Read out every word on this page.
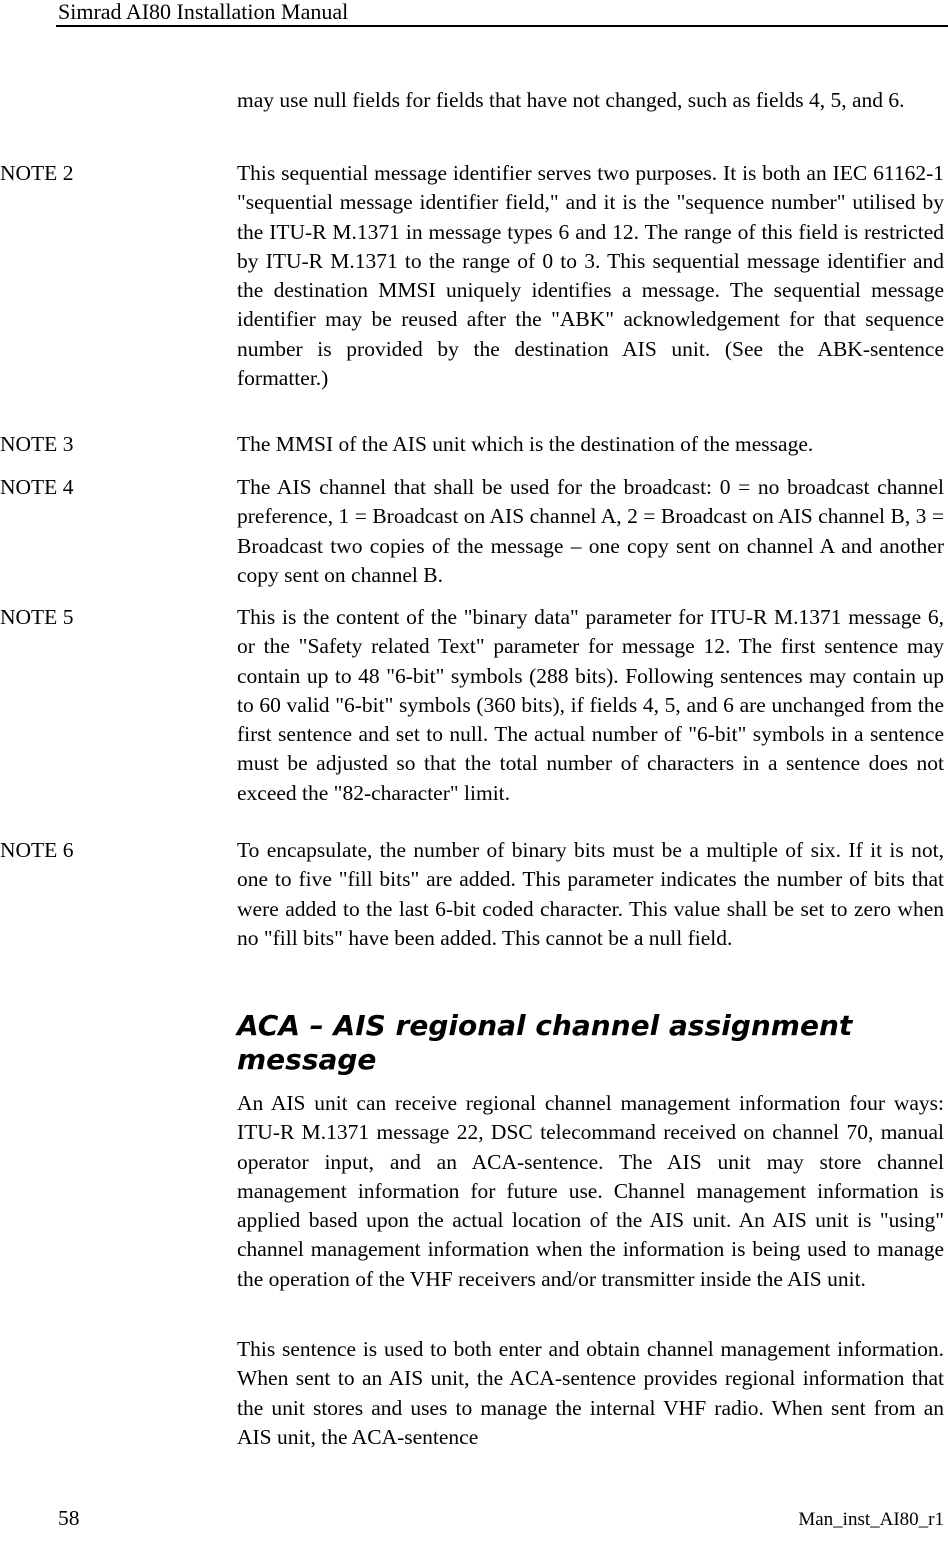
Simrad AI80 Installation Manual
may use null fields for fields that have not changed, such as fields 4, 5, and 6.
NOTE 2	This sequential message identifier serves two purposes. It is both an IEC 61162-1 "sequential message identifier field," and it is the "sequence number" utilised by the ITU-R M.1371 in message types 6 and 12. The range of this field is restricted by ITU-R M.1371 to the range of 0 to 3. This sequential message identifier and the destination MMSI uniquely identifies a message. The sequential message identifier may be reused after the "ABK" acknowledgement for that sequence number is provided by the destination AIS unit. (See the ABK-sentence formatter.)
NOTE 3	The MMSI of the AIS unit which is the destination of the message.
NOTE 4	The AIS channel that shall be used for the broadcast: 0 = no broadcast channel preference, 1 = Broadcast on AIS channel A, 2 = Broadcast on AIS channel B, 3 = Broadcast two copies of the message – one copy sent on channel A and another copy sent on channel B.
NOTE 5	This is the content of the "binary data" parameter for ITU-R M.1371 message 6, or the "Safety related Text" parameter for message 12. The first sentence may contain up to 48 "6-bit" symbols (288 bits). Following sentences may contain up to 60 valid "6-bit" symbols (360 bits), if fields 4, 5, and 6 are unchanged from the first sentence and set to null. The actual number of "6-bit" symbols in a sentence must be adjusted so that the total number of characters in a sentence does not exceed the "82-character" limit.
NOTE 6	To encapsulate, the number of binary bits must be a multiple of six. If it is not, one to five "fill bits" are added. This parameter indicates the number of bits that were added to the last 6-bit coded character. This value shall be set to zero when no "fill bits" have been added. This cannot be a null field.
ACA – AIS regional channel assignment message
An AIS unit can receive regional channel management information four ways: ITU-R M.1371 message 22, DSC telecommand received on channel 70, manual operator input, and an ACA-sentence. The AIS unit may store channel management information for future use. Channel management information is applied based upon the actual location of the AIS unit. An AIS unit is "using" channel management information when the information is being used to manage the operation of the VHF receivers and/or transmitter inside the AIS unit.
This sentence is used to both enter and obtain channel management information. When sent to an AIS unit, the ACA-sentence provides regional information that the unit stores and uses to manage the internal VHF radio. When sent from an AIS unit, the ACA-sentence
58	Man_inst_AI80_r1
